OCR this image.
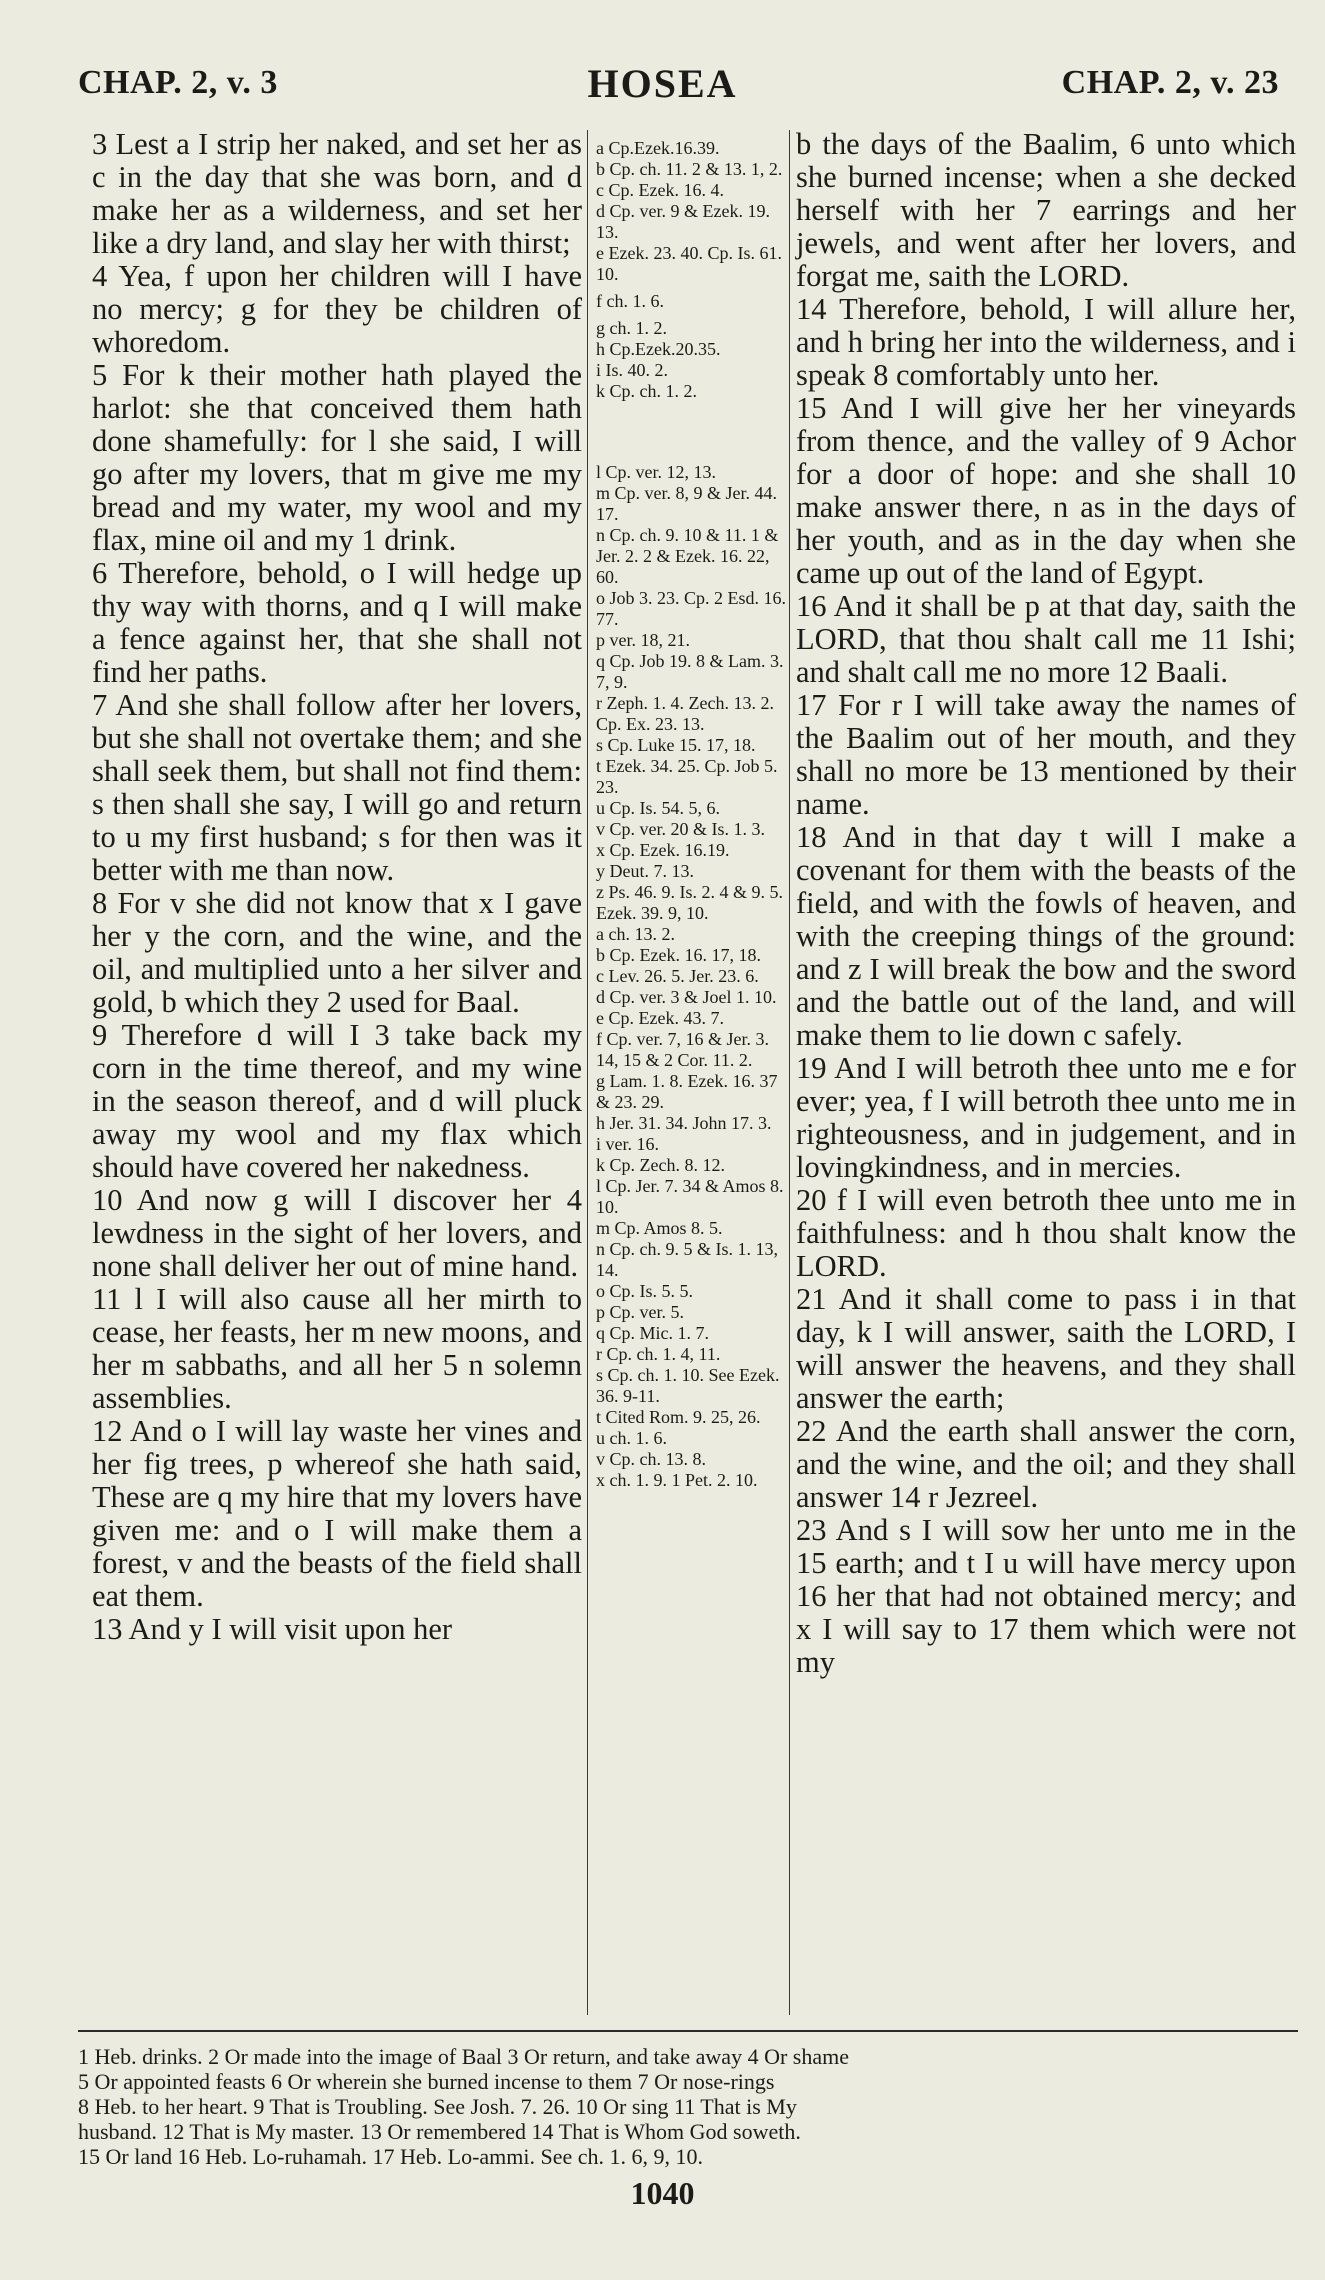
CHAP. 2, v. 3	HOSEA	CHAP. 2, v. 23

3 Lest a I strip her naked, and set her as c in the day that she was born, and d make her as a wilderness, and set her like a dry land, and slay her with thirst;

4 Yea, f upon her children will I have no mercy; g for they be children of whoredom.

5 For k their mother hath played the harlot: she that conceived them hath done shamefully: for l she said, I will go after my lovers, that m give me my bread and my water, my wool and my flax, mine oil and my 1 drink.

6 Therefore, behold, o I will hedge up thy way with thorns, and q I will make a fence against her, that she shall not find her paths.

7 And she shall follow after her lovers, but she shall not overtake them; and she shall seek them, but shall not find them: s then shall she say, I will go and return to u my first husband; s for then was it better with me than now.

8 For v she did not know that x I gave her y the corn, and the wine, and the oil, and multiplied unto a her silver and gold, b which they 2 used for Baal.

9 Therefore d will I 3 take back my corn in the time thereof, and my wine in the season thereof, and d will pluck away my wool and my flax which should have covered her nakedness.

10 And now g will I discover her 4 lewdness in the sight of her lovers, and none shall deliver her out of mine hand.

11 l I will also cause all her mirth to cease, her feasts, her m new moons, and her m sabbaths, and all her 5 n solemn assemblies.

12 And o I will lay waste her vines and her fig trees, p whereof she hath said, These are q my hire that my lovers have given me: and o I will make them a forest, v and the beasts of the field shall eat them.

13 And y I will visit upon her

a Cp.Ezek.16.39.
b Cp. ch. 11. 2 & 13. 1, 2.
c Cp. Ezek. 16. 4.
d Cp. ver. 9 & Ezek. 19. 13.
e Ezek. 23. 40. Cp. Is. 61. 10.
f ch. 1. 6.
g ch. 1. 2.
h Cp.Ezek.20.35.
i Is. 40. 2.
k Cp. ch. 1. 2.
l Cp. ver. 12, 13.
m Cp. ver. 8, 9 & Jer. 44. 17.
n Cp. ch. 9. 10 & 11. 1 & Jer. 2. 2 & Ezek. 16. 22, 60.
o Job 3. 23. Cp. 2 Esd. 16. 77.
p ver. 18, 21.
q Cp. Job 19. 8 & Lam. 3. 7, 9.
r Zeph. 1. 4. Zech. 13. 2. Cp. Ex. 23. 13.
s Cp. Luke 15. 17, 18.
t Ezek. 34. 25. Cp. Job 5. 23.
u Cp. Is. 54. 5, 6.
v Cp. ver. 20 & Is. 1. 3.
x Cp. Ezek. 16.19.
y Deut. 7. 13.
z Ps. 46. 9. Is. 2. 4 & 9. 5. Ezek. 39. 9, 10.
a ch. 13. 2.
b Cp. Ezek. 16. 17, 18.
c Lev. 26. 5. Jer. 23. 6.
d Cp. ver. 3 & Joel 1. 10.
e Cp. Ezek. 43. 7.
f Cp. ver. 7, 16 & Jer. 3. 14, 15 & 2 Cor. 11. 2.
g Lam. 1. 8. Ezek. 16. 37 & 23. 29.
h Jer. 31. 34. John 17. 3.
i ver. 16.
k Cp. Zech. 8. 12.
l Cp. Jer. 7. 34 & Amos 8. 10.
m Cp. Amos 8. 5.
n Cp. ch. 9. 5 & Is. 1. 13, 14.
o Cp. Is. 5. 5.
p Cp. ver. 5.
q Cp. Mic. 1. 7.
r Cp. ch. 1. 4, 11.
s Cp. ch. 1. 10. See Ezek. 36. 9-11.
t Cited Rom. 9. 25, 26.
u ch. 1. 6.
v Cp. ch. 13. 8.
x ch. 1. 9. 1 Pet. 2. 10.

b the days of the Baalim, 6 unto which she burned incense; when a she decked herself with her 7 earrings and her jewels, and went after her lovers, and forgat me, saith the LORD.

14 Therefore, behold, I will allure her, and h bring her into the wilderness, and i speak 8 comfortably unto her.

15 And I will give her her vineyards from thence, and the valley of 9 Achor for a door of hope: and she shall 10 make answer there, n as in the days of her youth, and as in the day when she came up out of the land of Egypt.

16 And it shall be p at that day, saith the LORD, that thou shalt call me 11 Ishi; and shalt call me no more 12 Baali.

17 For r I will take away the names of the Baalim out of her mouth, and they shall no more be 13 mentioned by their name.

18 And in that day t will I make a covenant for them with the beasts of the field, and with the fowls of heaven, and with the creeping things of the ground: and z I will break the bow and the sword and the battle out of the land, and will make them to lie down c safely.

19 And I will betroth thee unto me e for ever; yea, f I will betroth thee unto me in righteousness, and in judgement, and in lovingkindness, and in mercies.

20 f I will even betroth thee unto me in faithfulness: and h thou shalt know the LORD.

21 And it shall come to pass i in that day, k I will answer, saith the LORD, I will answer the heavens, and they shall answer the earth;

22 And the earth shall answer the corn, and the wine, and the oil; and they shall answer 14 r Jezreel.

23 And s I will sow her unto me in the 15 earth; and t I u will have mercy upon 16 her that had not obtained mercy; and x I will say to 17 them which were not my

1 Heb. drinks. 2 Or made into the image of Baal 3 Or return, and take away 4 Or shame
5 Or appointed feasts 6 Or wherein she burned incense to them 7 Or nose-rings
8 Heb. to her heart. 9 That is Troubling. See Josh. 7. 26. 10 Or sing 11 That is My
husband. 12 That is My master. 13 Or remembered 14 That is Whom God soweth.
15 Or land 16 Heb. Lo-ruhamah. 17 Heb. Lo-ammi. See ch. 1. 6, 9, 10.
1040
